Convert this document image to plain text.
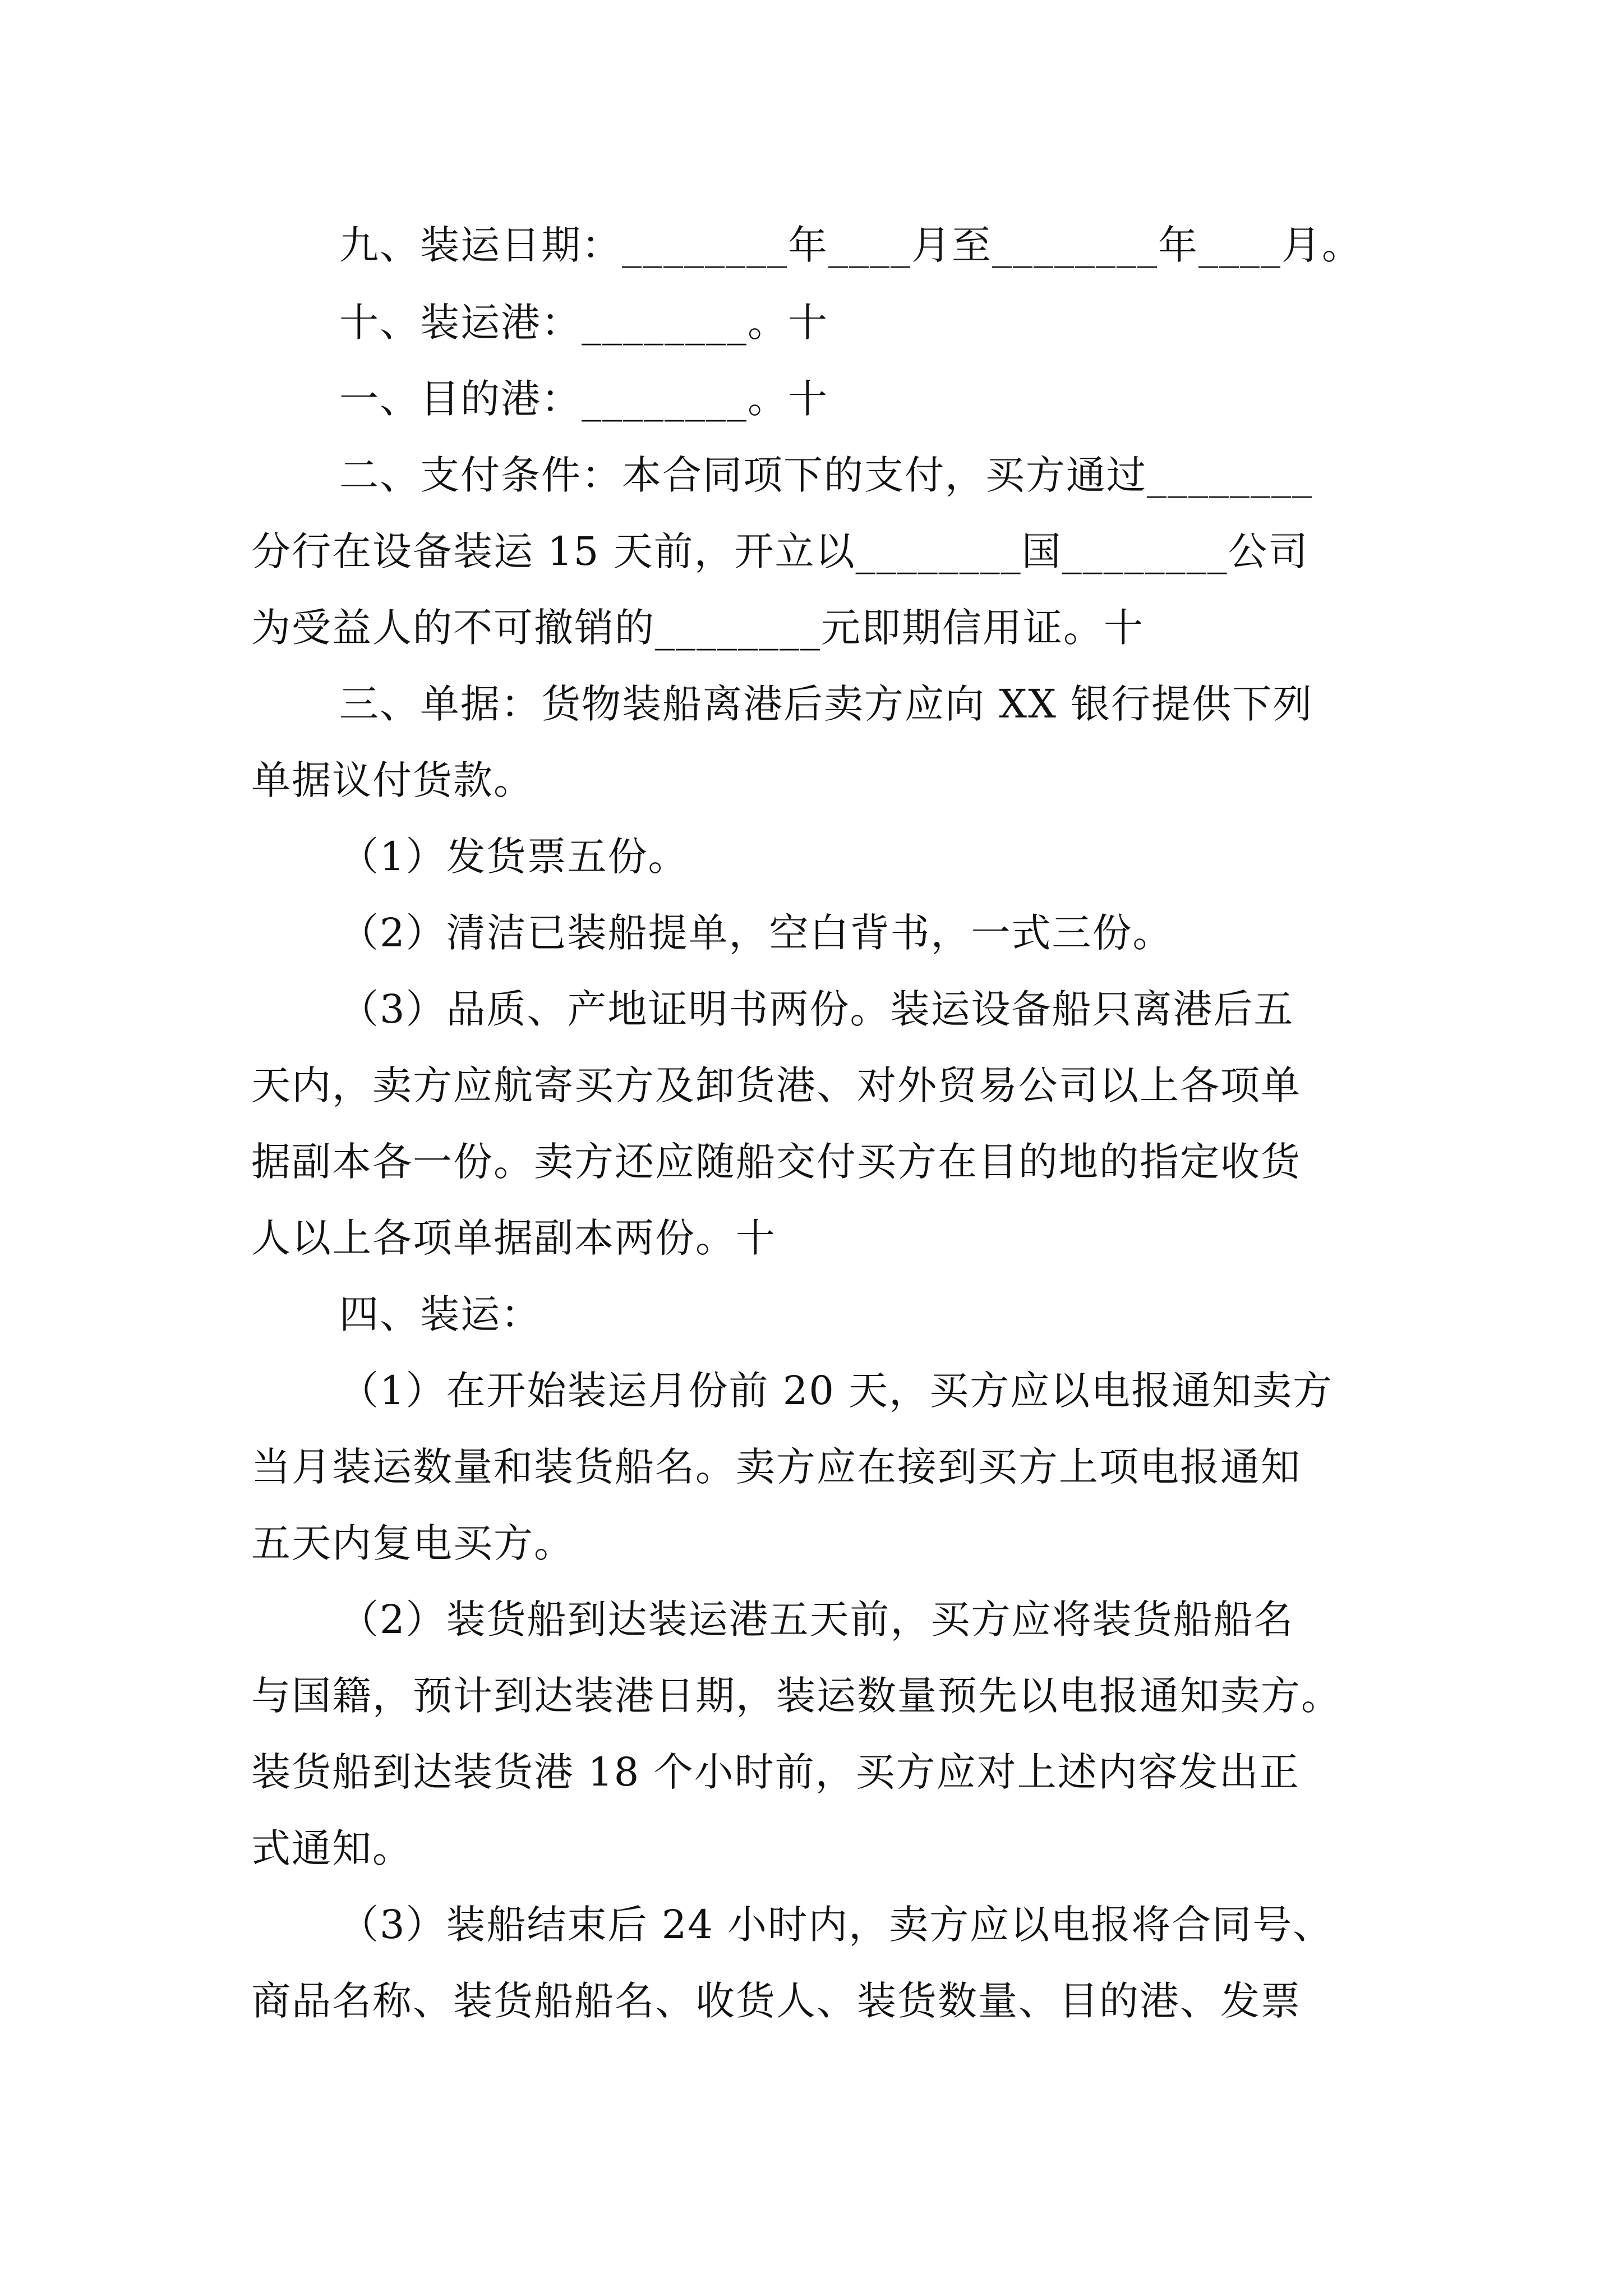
九、装运日期：________年____月至________年____月。
十、装运港：________。十
一、目的港：________。十
二、支付条件：本合同项下的支付，买方通过________
分行在设备装运 15 天前，开立以________国________公司
为受益人的不可撤销的________元即期信用证。十
三、单据：货物装船离港后卖方应向 XX 银行提供下列
单据议付货款。
（1）发货票五份。
（2）清洁已装船提单，空白背书，一式三份。
（3）品质、产地证明书两份。装运设备船只离港后五
天内，卖方应航寄买方及卸货港、对外贸易公司以上各项单
据副本各一份。卖方还应随船交付买方在目的地的指定收货
人以上各项单据副本两份。十
四、装运：
（1）在开始装运月份前 20 天，买方应以电报通知卖方
当月装运数量和装货船名。卖方应在接到买方上项电报通知
五天内复电买方。
（2）装货船到达装运港五天前，买方应将装货船船名
与国籍，预计到达装港日期，装运数量预先以电报通知卖方。
装货船到达装货港 18 个小时前，买方应对上述内容发出正
式通知。
（3）装船结束后 24 小时内，卖方应以电报将合同号、
商品名称、装货船船名、收货人、装货数量、目的港、发票
